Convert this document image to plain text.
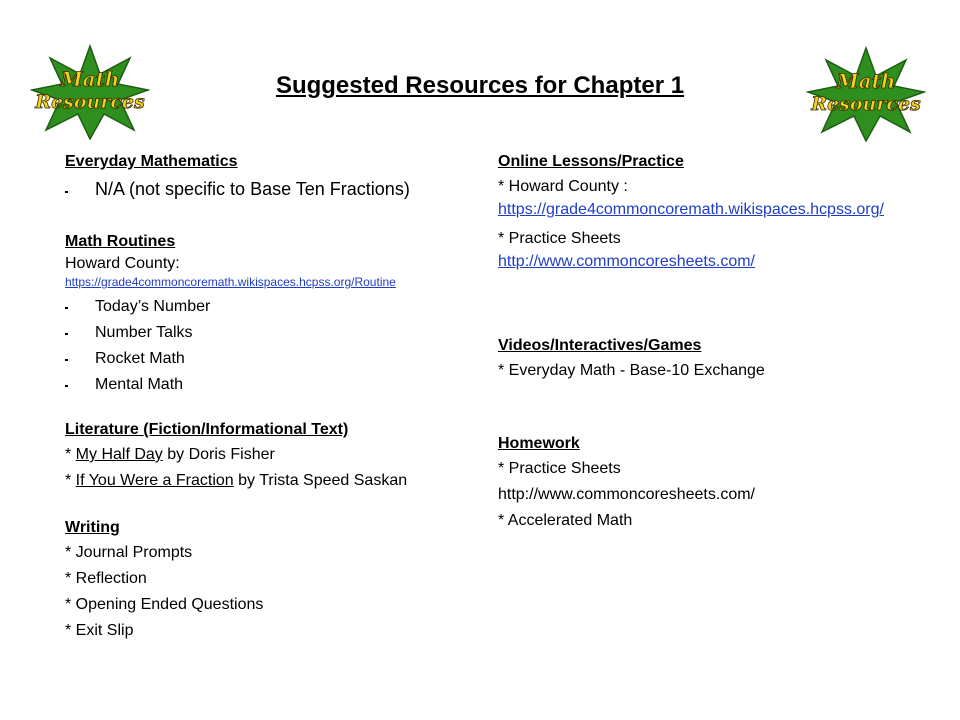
Math
Resources
Math
Resources
Suggested Resources for Chapter 1
Everyday Mathematics
N/A (not specific to Base Ten Fractions)
Math Routines
Howard County:
https://grade4commoncoremath.wikispaces.hcpss.org/Routine
Today’s Number
Number Talks
Rocket Math
Mental Math
Literature (Fiction/Informational Text)
* My Half Day by Doris Fisher
* If You Were a Fraction by Trista Speed Saskan
Writing
* Journal Prompts
* Reflection
* Opening Ended Questions
* Exit Slip
Online Lessons/Practice
* Howard County :
https://grade4commoncoremath.wikispaces.hcpss.org/
* Practice Sheets
http://www.commoncoresheets.com/
Videos/Interactives/Games
* Everyday Math - Base-10 Exchange
Homework
* Practice Sheets
http://www.commoncoresheets.com/
* Accelerated Math
